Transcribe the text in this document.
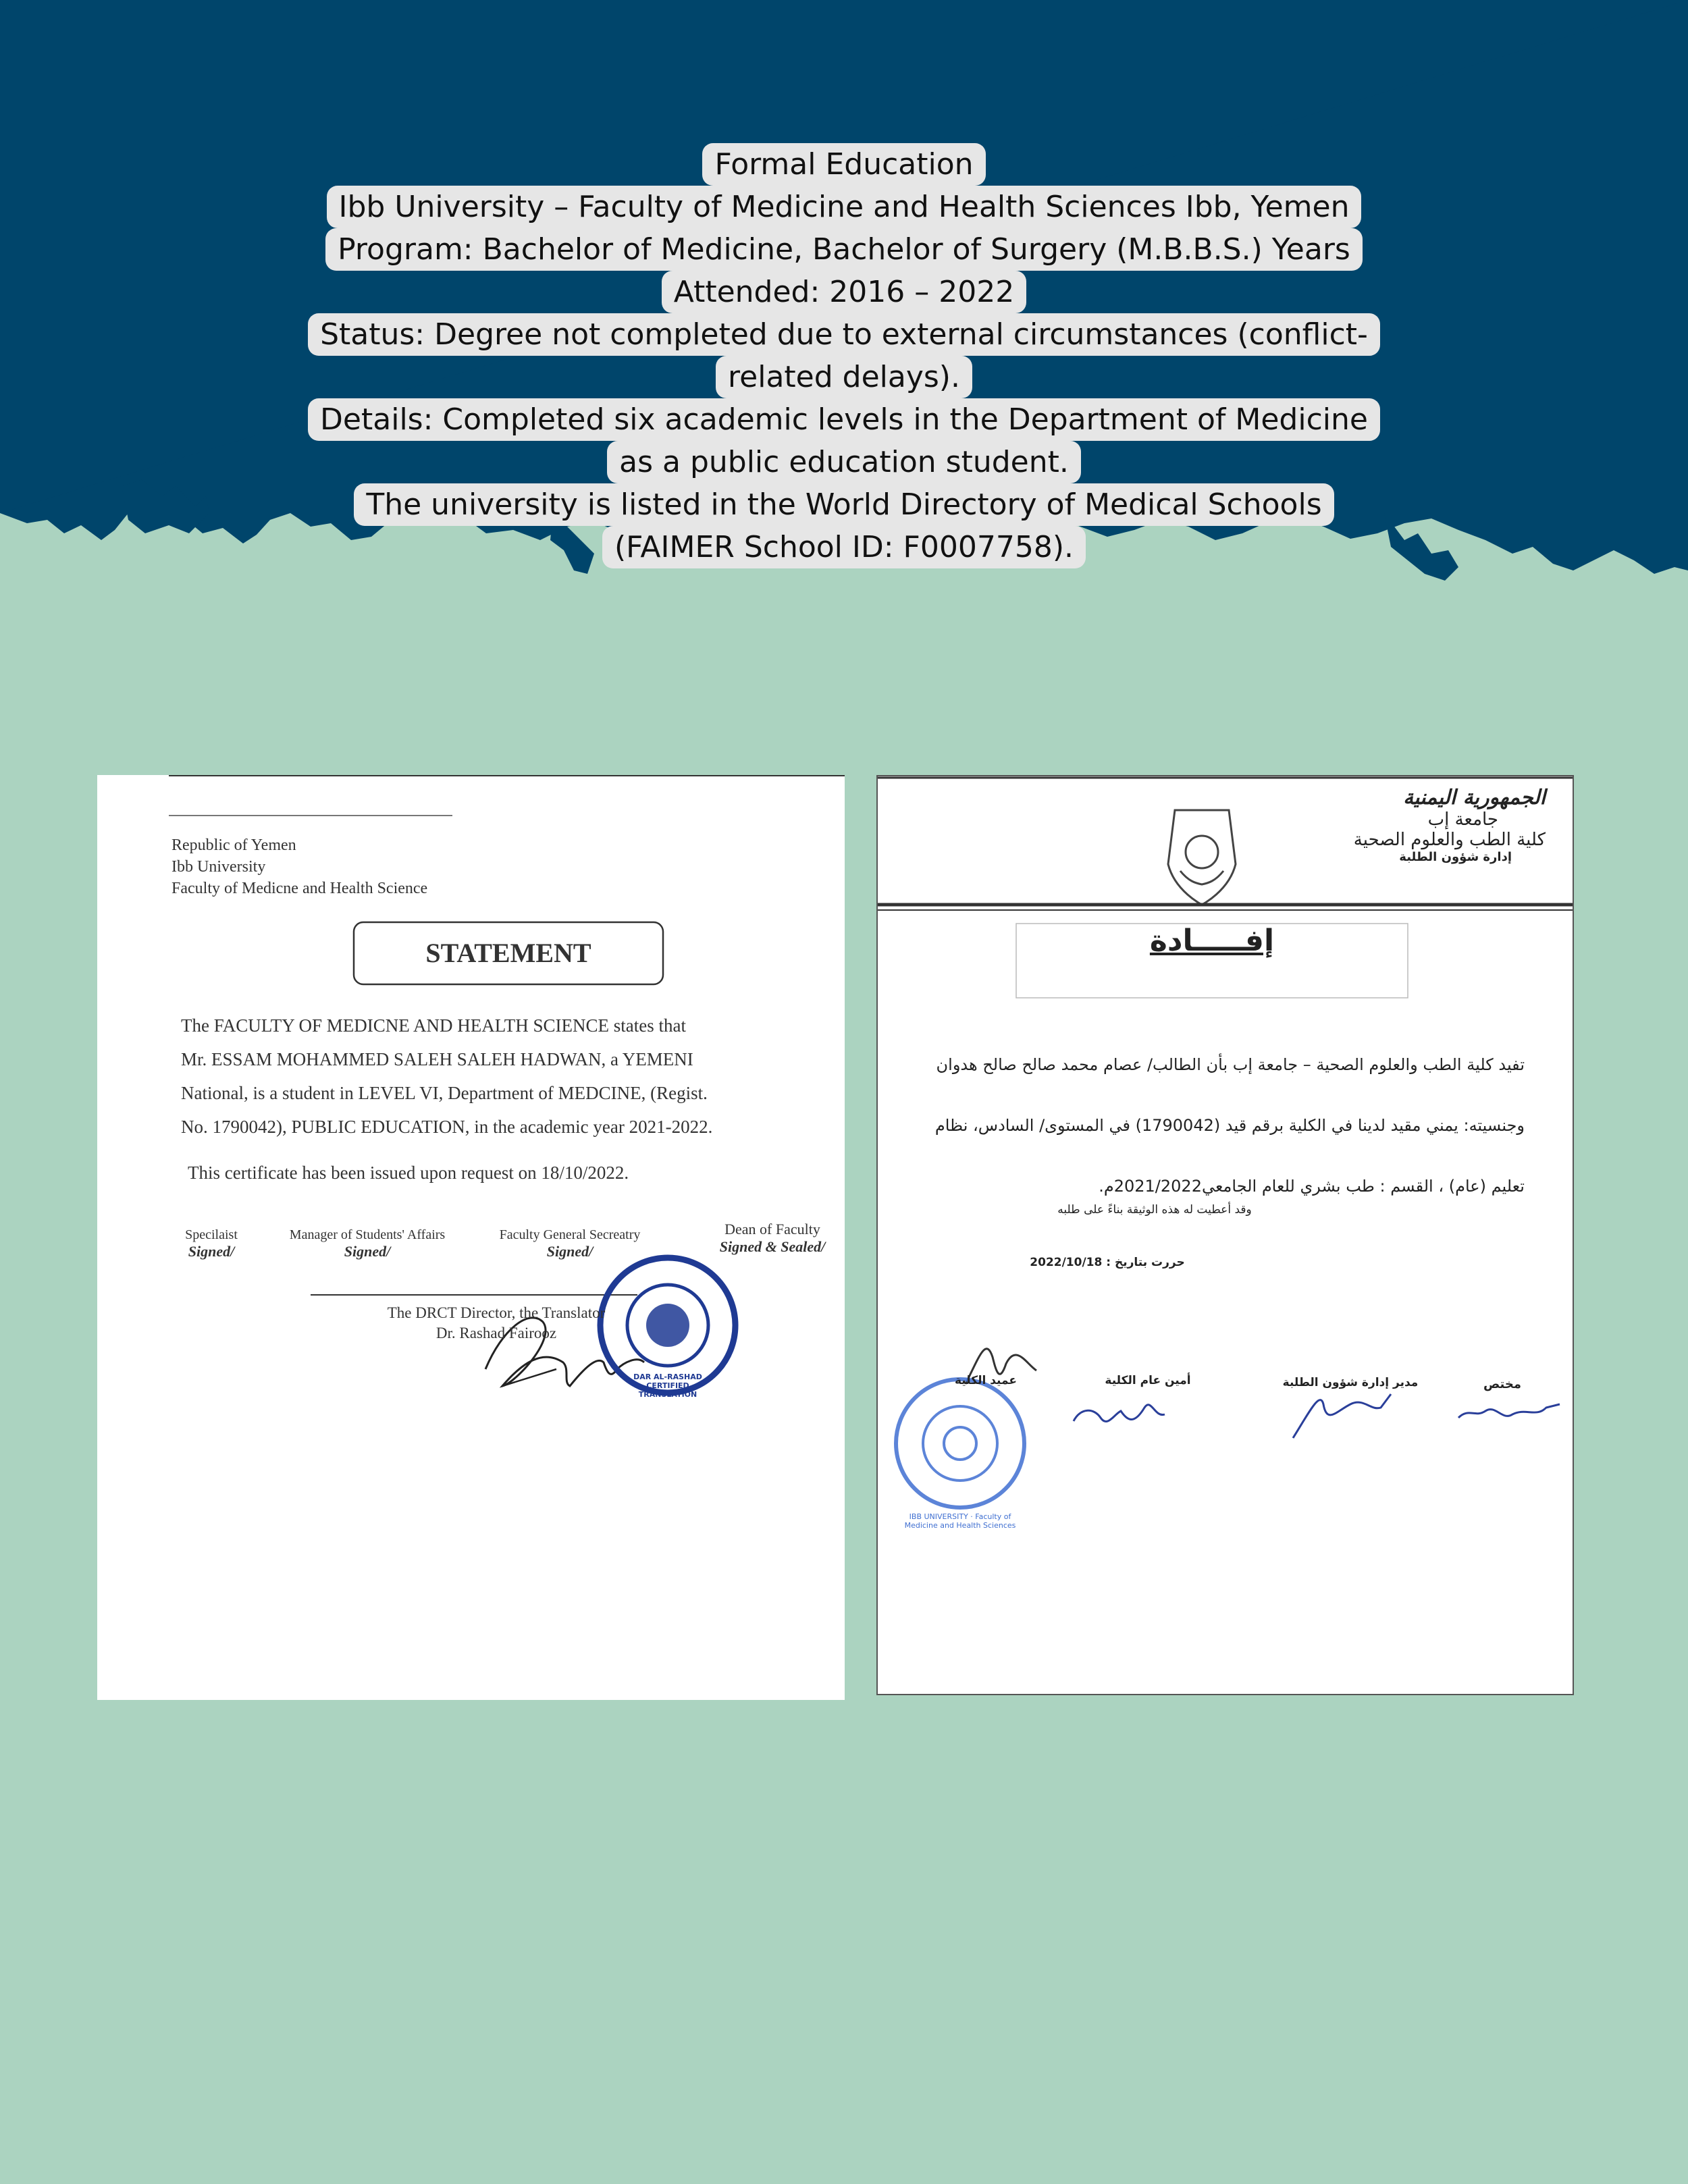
Formal Education
Ibb University – Faculty of Medicine and Health Sciences Ibb, Yemen
Program: Bachelor of Medicine, Bachelor of Surgery (M.B.B.S.) Years
Attended: 2016 – 2022
Status: Degree not completed due to external circumstances (conflict-
related delays).
Details: Completed six academic levels in the Department of Medicine
as a public education student.
The university is listed in the World Directory of Medical Schools
(FAIMER School ID: F0007758).
Republic of Yemen
Ibb University
Faculty of Medicne and Health Science
STATEMENT
The FACULTY OF MEDICNE AND HEALTH SCIENCE states that
Mr. ESSAM MOHAMMED SALEH SALEH HADWAN, a YEMENI
National, is a student in LEVEL VI, Department of MEDCINE, (Regist.
No. 1790042), PUBLIC EDUCATION, in the academic year 2021-2022.
This certificate has been issued upon request on 18/10/2022.
Specilaist
Signed/
Manager of Students' Affairs
Signed/
Faculty General Secreatry
Signed/
Dean of Faculty
Signed & Sealed/
The DRCT Director, the Translator
Dr. Rashad Fairooz
DAR AL-RASHAD CERTIFIED TRANSLATION
الجمهورية اليمنية
جامعة إب
كلية الطب والعلوم الصحية
إدارة شؤون الطلبة
إفـــــادة
تفيد كلية الطب والعلوم الصحية – جامعة إب بأن الطالب/ عصام محمد صالح صالح هدوان
وجنسيته: يمني مقيد لدينا في الكلية برقم قيد (1790042) في المستوى/ السادس، نظام
تعليم (عام) ، القسم : طب بشري للعام الجامعي2021/2022م.
وقد أعطيت له هذه الوثيقة بناءً على طلبه
حررت بتاريخ : 2022/10/18
عميد الكلية	أمين عام الكلية	مدير إدارة شؤون الطلبة	مختص
IBB UNIVERSITY · Faculty of Medicine and Health Sciences
